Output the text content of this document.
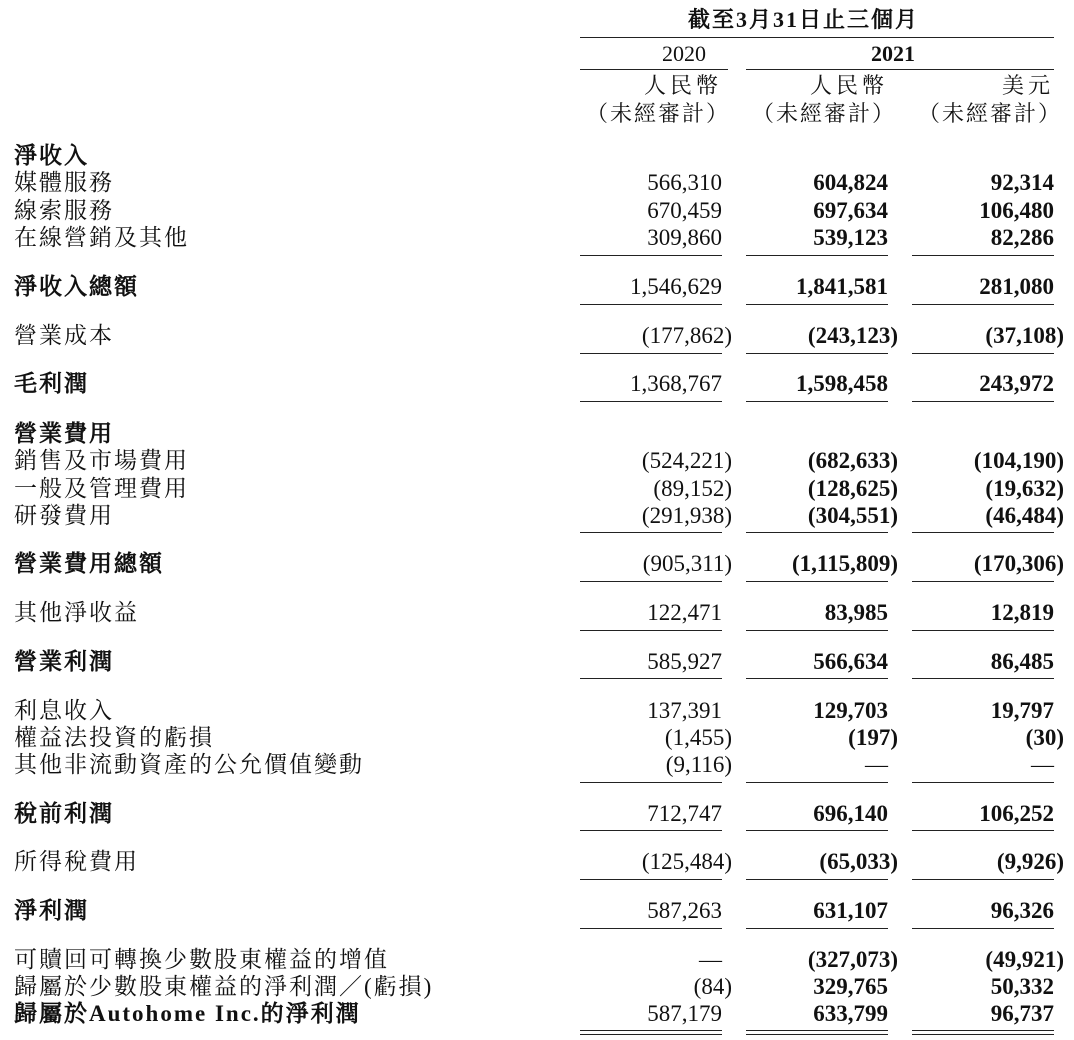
截至3月31日止三個月
2020	2021
人民幣	人民幣	美元
（未經審計） （未經審計） （未經審計）
淨收入
媒體服務	566,310	604,824	92,314
線索服務	670,459	697,634	106,480
在線營銷及其他	309,860	539,123	82,286
淨收入總額	1,546,629	1,841,581	281,080
營業成本	(177,862)	(243,123)	(37,108)
毛利潤	1,368,767	1,598,458	243,972
營業費用
銷售及市場費用	(524,221)	(682,633)	(104,190)
一般及管理費用	(89,152)	(128,625)	(19,632)
研發費用	(291,938)	(304,551)	(46,484)
營業費用總額	(905,311)	(1,115,809)	(170,306)
其他淨收益	122,471	83,985	12,819
營業利潤	585,927	566,634	86,485
利息收入	137,391	129,703	19,797
權益法投資的虧損	(1,455)	(197)	(30)
其他非流動資產的公允價值變動	(9,116)	—	—
稅前利潤	712,747	696,140	106,252
所得稅費用	(125,484)	(65,033)	(9,926)
淨利潤	587,263	631,107	96,326
可贖回可轉換少數股東權益的增值	—	(327,073)	(49,921)
歸屬於少數股東權益的淨利潤／(虧損)	(84)	329,765	50,332
歸屬於Autohome Inc.的淨利潤	587,179	633,799	96,737
